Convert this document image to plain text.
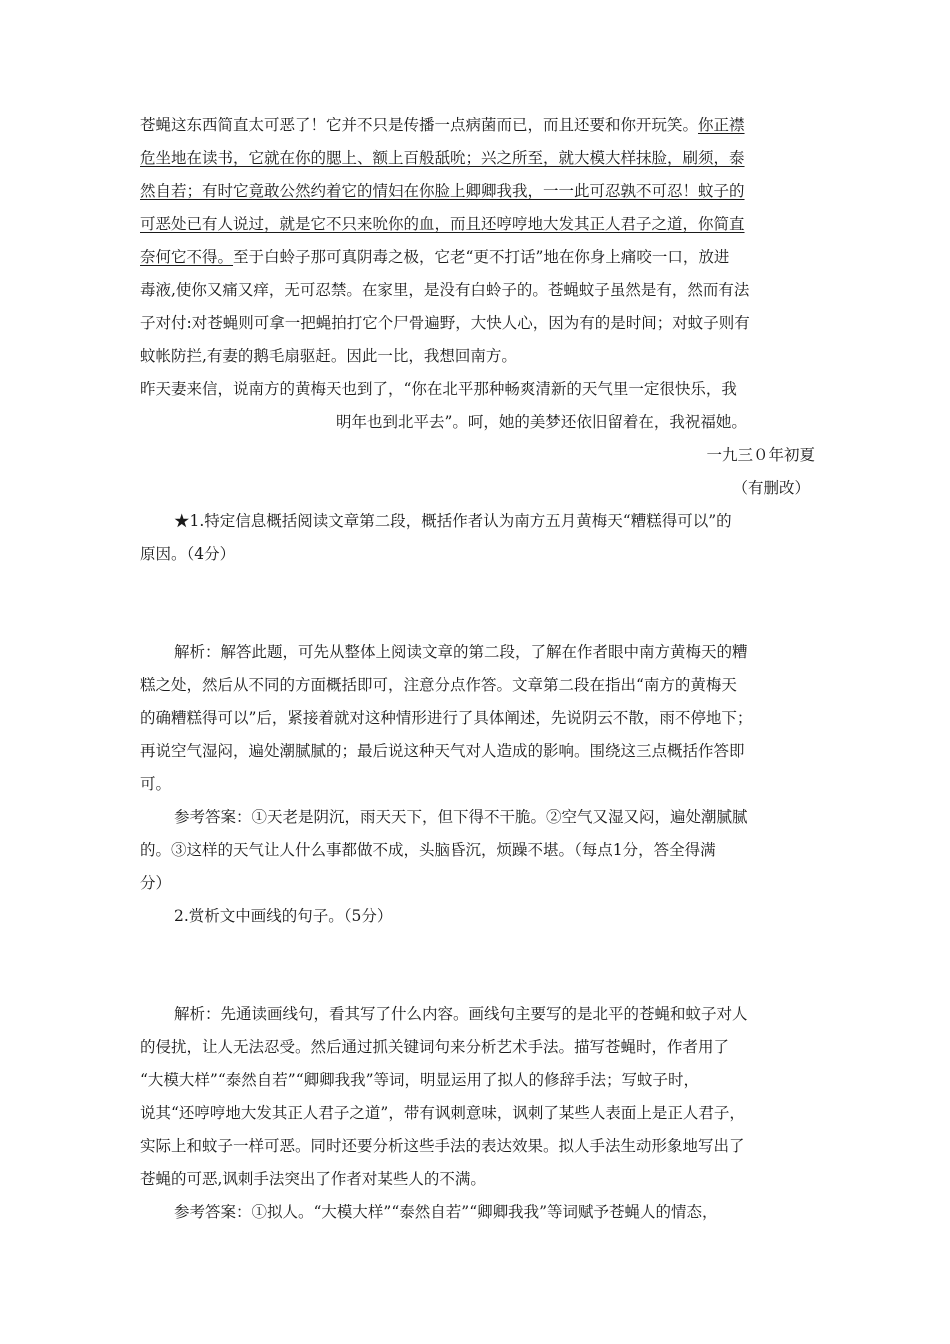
苍蝇这东西简直太可恶了！它并不只是传播一点病菌而已，而且还要和你开玩笑。你正襟
危坐地在读书，它就在你的腮上、额上百般舐吮；兴之所至，就大模大样抹脸，刷须，泰
然自若；有时它竟敢公然约着它的情妇在你脸上卿卿我我，一一此可忍孰不可忍！蚊子的
可恶处已有人说过，就是它不只来吮你的血，而且还哼哼地大发其正人君子之道，你简直
奈何它不得。至于白蛉子那可真阴毒之极，它老“更不打话”地在你身上痛咬一口，放进
毒液,使你又痛又痒，无可忍禁。在家里，是没有白蛉子的。苍蝇蚊子虽然是有，然而有法
子对付:对苍蝇则可拿一把蝇拍打它个尸骨遍野，大快人心，因为有的是时间；对蚊子则有
蚊帐防拦,有妻的鹅毛扇驱赶。因此一比，我想回南方。
昨天妻来信，说南方的黄梅天也到了，“你在北平那种畅爽清新的天气里一定很快乐，我
明年也到北平去”。呵，她的美梦还依旧留着在，我祝福她。
一九三０年初夏
（有删改）
★1.特定信息概括阅读文章第二段，概括作者认为南方五月黄梅天“糟糕得可以”的
原因。（4分）
解析：解答此题，可先从整体上阅读文章的第二段，了解在作者眼中南方黄梅天的糟
糕之处，然后从不同的方面概括即可，注意分点作答。文章第二段在指出“南方的黄梅天
的确糟糕得可以”后，紧接着就对这种情形进行了具体阐述，先说阴云不散，雨不停地下；
再说空气湿闷，遍处潮腻腻的；最后说这种天气对人造成的影响。围绕这三点概括作答即
可。
参考答案：①天老是阴沉，雨天天下，但下得不干脆。②空气又湿又闷，遍处潮腻腻
的。③这样的天气让人什么事都做不成，头脑昏沉，烦躁不堪。（每点1分，答全得满
分）
2.赏析文中画线的句子。（5分）
解析：先通读画线句，看其写了什么内容。画线句主要写的是北平的苍蝇和蚊子对人
的侵扰，让人无法忍受。然后通过抓关键词句来分析艺术手法。描写苍蝇时，作者用了
“大模大样”“泰然自若”“卿卿我我”等词，明显运用了拟人的修辞手法；写蚊子时，
说其“还哼哼地大发其正人君子之道”，带有讽刺意味，讽刺了某些人表面上是正人君子，
实际上和蚊子一样可恶。同时还要分析这些手法的表达效果。拟人手法生动形象地写出了
苍蝇的可恶,讽刺手法突出了作者对某些人的不满。
参考答案：①拟人。“大模大样”“泰然自若”“卿卿我我”等词赋予苍蝇人的情态，
